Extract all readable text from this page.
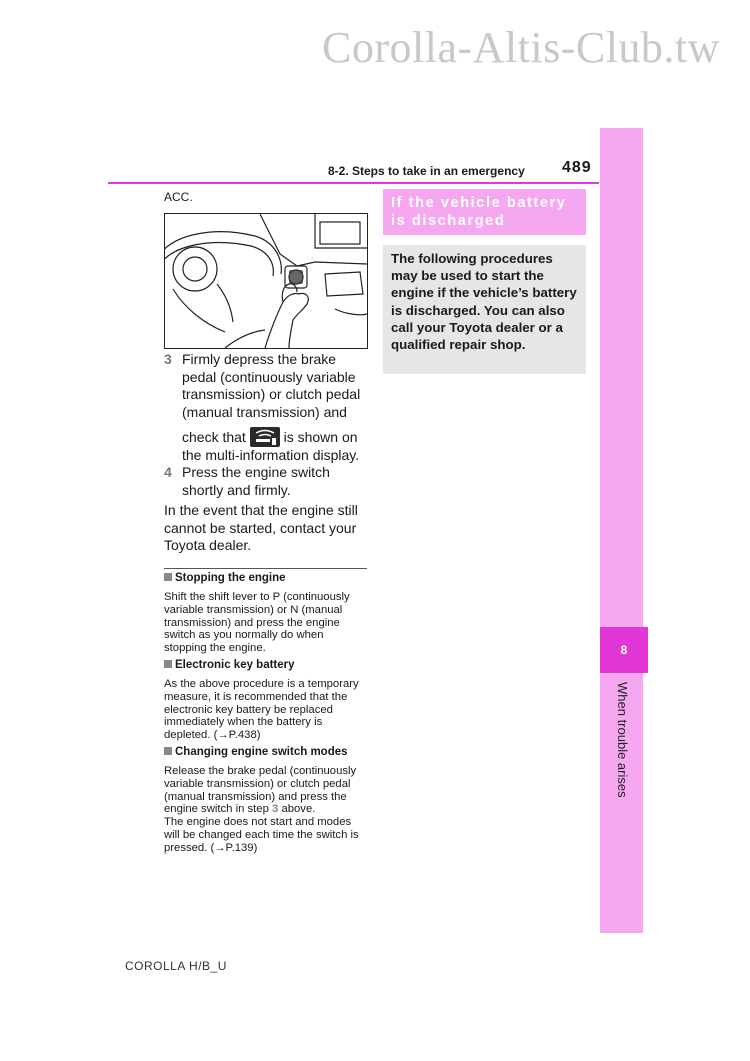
Corolla-Altis-Club.tw
8
When trouble arises
8-2. Steps to take in an emergency 489
ACC.
3 Firmly depress the brake pedal (continuously variable transmission) or clutch pedal (manual transmission) and
check that	is shown on the multi-information display.
4 Press the engine switch shortly and firmly.
In the event that the engine still cannot be started, contact your Toyota dealer.
Stopping the engine
Shift the shift lever to P (continuously variable transmission) or N (manual transmission) and press the engine switch as you normally do when stopping the engine.
Electronic key battery
As the above procedure is a temporary measure, it is recommended that the electronic key battery be replaced immediately when the battery is depleted. (→P.438)
Changing engine switch modes
Release the brake pedal (continuously variable transmission) or clutch pedal (manual transmission) and press the engine switch in step 3 above.
The engine does not start and modes will be changed each time the switch is pressed. (→P.139)
If the vehicle battery is discharged
The following procedures may be used to start the engine if the vehicle’s battery is discharged. You can also call your Toyota dealer or a qualified repair shop.
COROLLA H/B_U
